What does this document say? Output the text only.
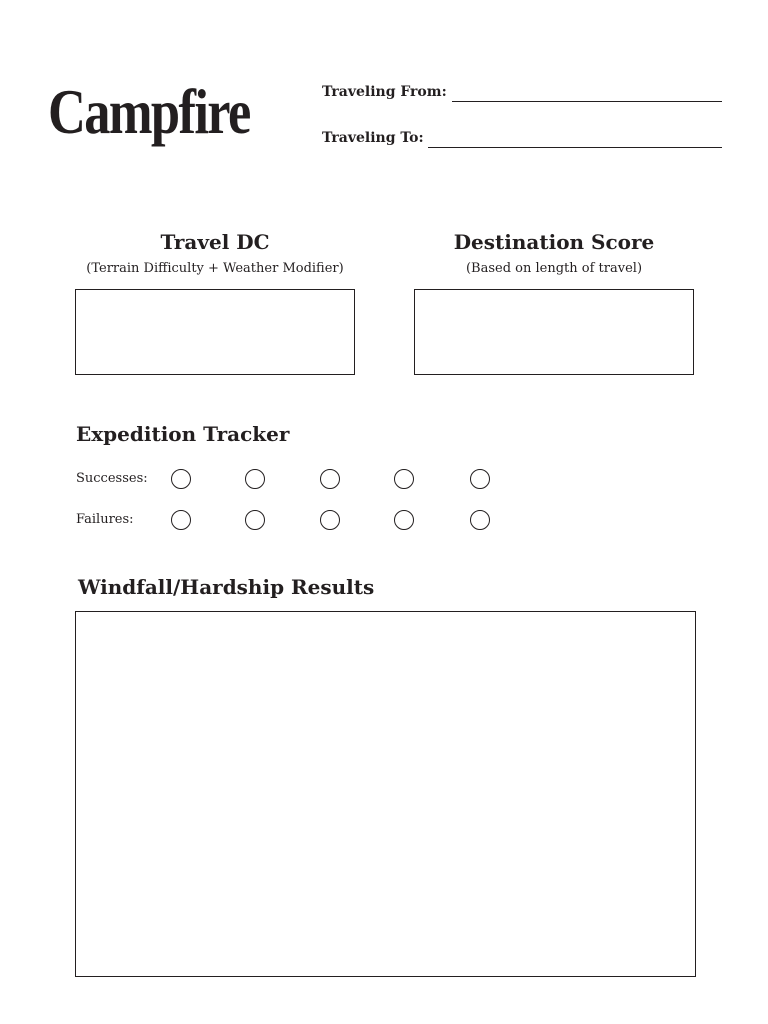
Campfire	Traveling From:
Traveling To:
Travel DC
(Terrain Difficulty + Weather Modifier)
Destination Score
(Based on length of travel)
Expedition Tracker
Successes:
Failures:
Windfall/Hardship Results
